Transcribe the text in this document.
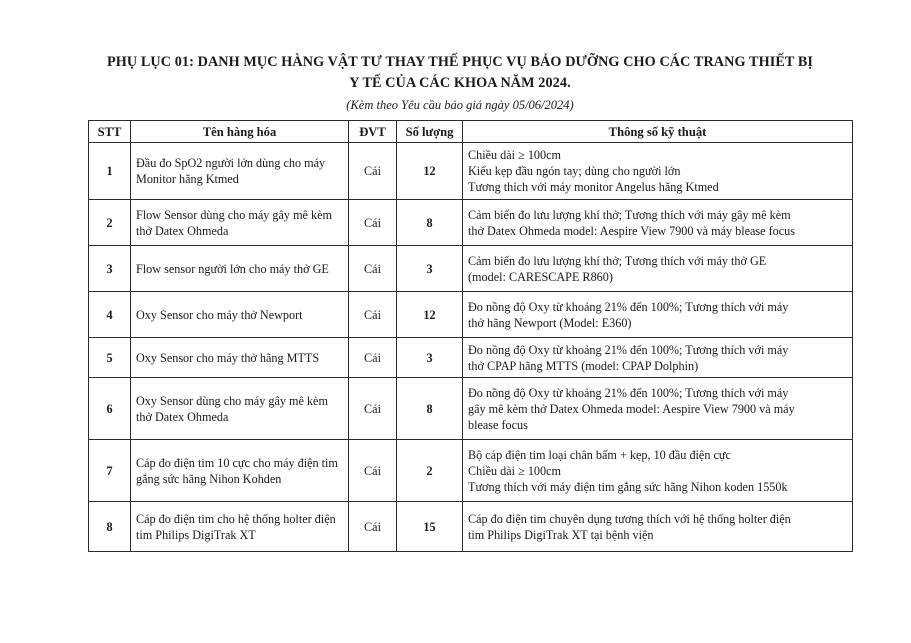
PHỤ LỤC 01: DANH MỤC HÀNG VẬT TƯ THAY THẾ PHỤC VỤ BẢO DƯỠNG CHO CÁC TRANG THIẾT BỊ
Y TẾ CỦA CÁC KHOA NĂM 2024.
(Kèm theo Yêu cầu báo giá ngày 05/06/2024)
STT	Tên hàng hóa	ĐVT	Số lượng	Thông số kỹ thuật
1	Đầu đo SpO2 người lớn dùng cho máy Monitor hãng Ktmed	Cái	12	Chiều dài ≥ 100cm
Kiểu kẹp đầu ngón tay; dùng cho người lớn
Tương thích với máy monitor Angelus hãng Ktmed

2	Flow Sensor dùng cho máy gây mê kèm thở Datex Ohmeda	Cái	8	Cảm biến đo lưu lượng khí thở; Tương thích với máy gây mê kèm
thở Datex Ohmeda model: Aespire View 7900 và máy blease focus

3	Flow sensor người lớn cho máy thở GE	Cái	3	Cảm biến đo lưu lượng khí thở; Tương thích với máy thở GE
(model: CARESCAPE R860)

4	Oxy Sensor cho máy thở Newport	Cái	12	Đo nồng độ Oxy từ khoảng 21% đến 100%; Tương thích với máy
thở hãng Newport (Model: E360)

5	Oxy Sensor cho máy thở hãng MTTS	Cái	3	Đo nồng độ Oxy từ khoảng 21% đến 100%; Tương thích với máy
thở CPAP hãng MTTS (model: CPAP Dolphin)

6	Oxy Sensor dùng cho máy gây mê kèm thở Datex Ohmeda	Cái	8	Đo nồng độ Oxy từ khoảng 21% đến 100%; Tương thích với máy
gây mê kèm thở Datex Ohmeda model: Aespire View 7900 và máy
blease focus

7	Cáp đo điện tim 10 cực cho máy điện tim gắng sức hãng Nihon Kohden	Cái	2	Bộ cáp điện tim loại chân bấm + kẹp, 10 đầu điện cực
Chiều dài ≥ 100cm
Tương thích với máy điện tim gắng sức hãng Nihon koden 1550k

8	Cáp đo điện tim cho hệ thống holter điện tim Philips DigiTrak XT	Cái	15	Cáp đo điện tim chuyên dụng tương thích với hệ thống holter điện
tim Philips DigiTrak XT tại bệnh viện
